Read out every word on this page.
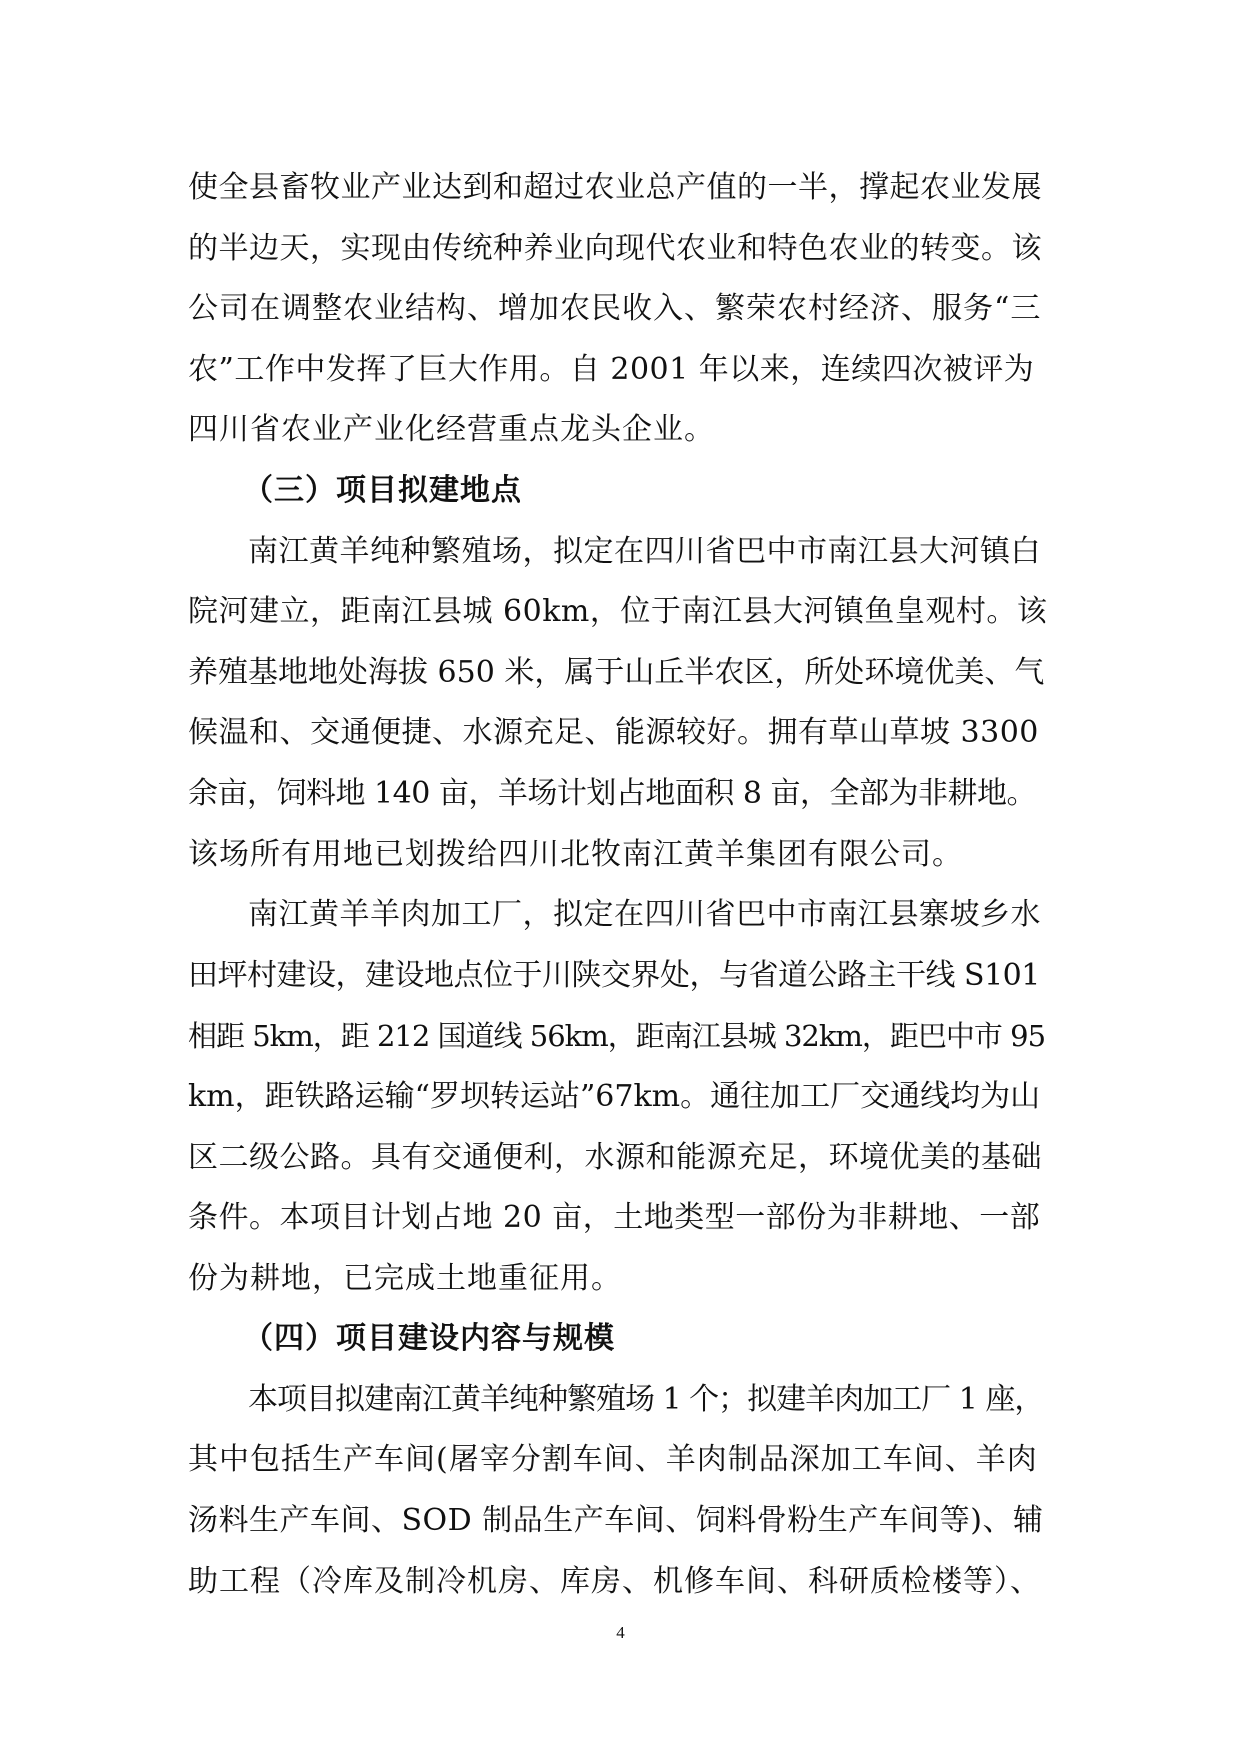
使全县畜牧业产业达到和超过农业总产值的一半，撑起农业发展
的半边天，实现由传统种养业向现代农业和特色农业的转变。该
公司在调整农业结构、增加农民收入、繁荣农村经济、服务“三
农”工作中发挥了巨大作用。自 2001 年以来，连续四次被评为
四川省农业产业化经营重点龙头企业。
（三）项目拟建地点
南江黄羊纯种繁殖场，拟定在四川省巴中市南江县大河镇白
院河建立，距南江县城 60km，位于南江县大河镇鱼皇观村。该
养殖基地地处海拔 650 米，属于山丘半农区，所处环境优美、气
候温和、交通便捷、水源充足、能源较好。拥有草山草坡 3300
余亩，饲料地 140 亩，羊场计划占地面积 8 亩，全部为非耕地。
该场所有用地已划拨给四川北牧南江黄羊集团有限公司。
南江黄羊羊肉加工厂，拟定在四川省巴中市南江县寨坡乡水
田坪村建设，建设地点位于川陕交界处，与省道公路主干线 S101
相距 5km，距 212 国道线 56km，距南江县城 32km，距巴中市 95
km，距铁路运输“罗坝转运站”67km。通往加工厂交通线均为山
区二级公路。具有交通便利，水源和能源充足，环境优美的基础
条件。本项目计划占地 20 亩，土地类型一部份为非耕地、一部
份为耕地，已完成土地重征用。
（四）项目建设内容与规模
本项目拟建南江黄羊纯种繁殖场 1 个；拟建羊肉加工厂 1 座，
其中包括生产车间(屠宰分割车间、羊肉制品深加工车间、羊肉
汤料生产车间、SOD 制品生产车间、饲料骨粉生产车间等)、辅
助工程（冷库及制冷机房、库房、机修车间、科研质检楼等）、
4
